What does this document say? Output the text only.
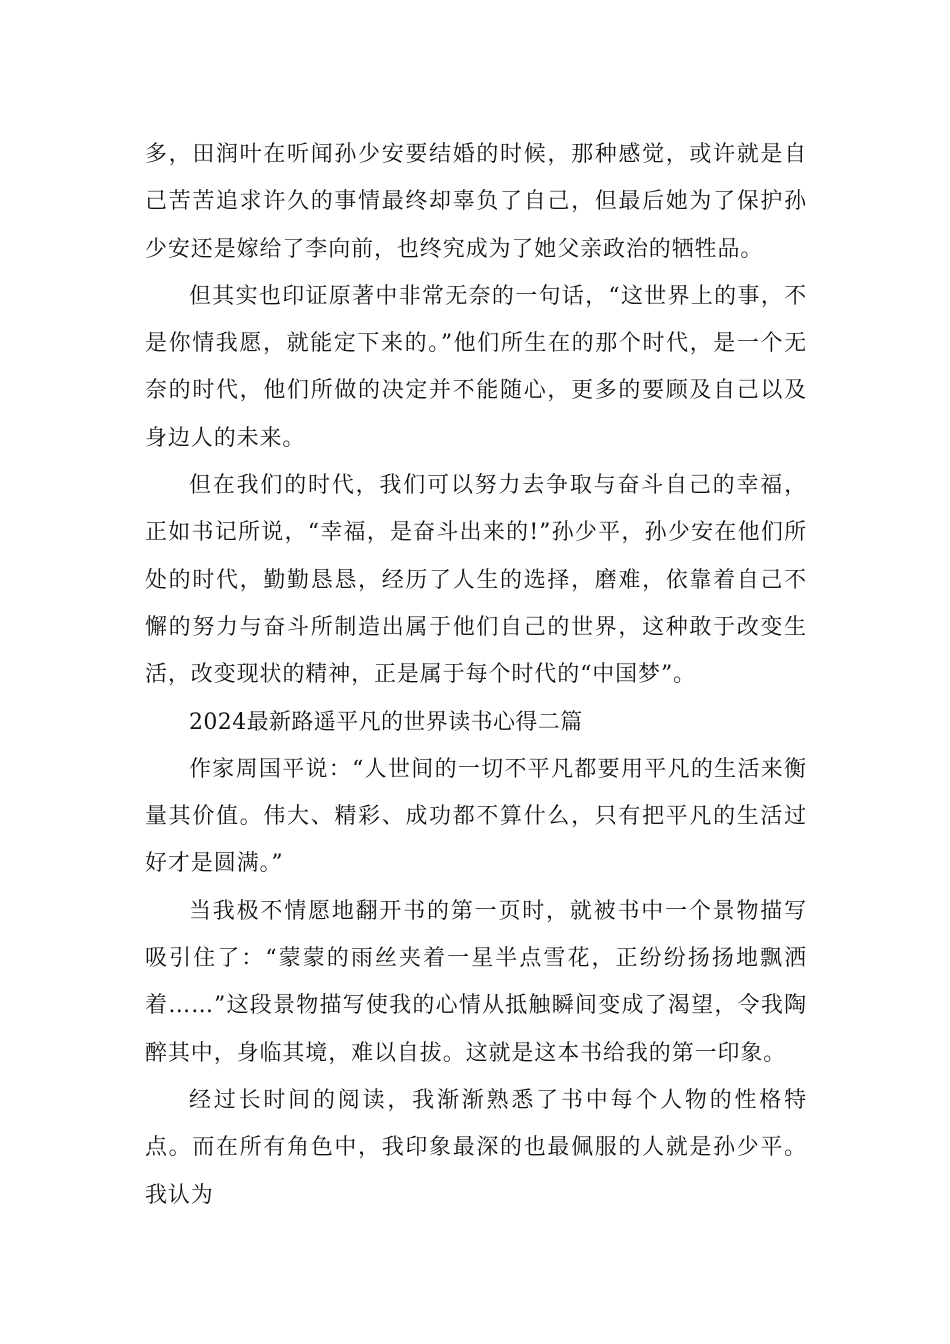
多，田润叶在听闻孙少安要结婚的时候，那种感觉，或许就是自己苦苦追求许久的事情最终却辜负了自己，但最后她为了保护孙少安还是嫁给了李向前，也终究成为了她父亲政治的牺牲品。

但其实也印证原著中非常无奈的一句话，“这世界上的事，不是你情我愿，就能定下来的。”他们所生在的那个时代，是一个无奈的时代，他们所做的决定并不能随心，更多的要顾及自己以及身边人的未来。

但在我们的时代，我们可以努力去争取与奋斗自己的幸福，正如书记所说，“幸福，是奋斗出来的!”孙少平，孙少安在他们所处的时代，勤勤恳恳，经历了人生的选择，磨难，依靠着自己不懈的努力与奋斗所制造出属于他们自己的世界，这种敢于改变生活，改变现状的精神，正是属于每个时代的“中国梦”。

2024最新路遥平凡的世界读书心得二篇

作家周国平说：“人世间的一切不平凡都要用平凡的生活来衡量其价值。伟大、精彩、成功都不算什么，只有把平凡的生活过好才是圆满。”

当我极不情愿地翻开书的第一页时，就被书中一个景物描写吸引住了：“蒙蒙的雨丝夹着一星半点雪花，正纷纷扬扬地飘洒着……”这段景物描写使我的心情从抵触瞬间变成了渴望，令我陶醉其中，身临其境，难以自拔。这就是这本书给我的第一印象。

经过长时间的阅读，我渐渐熟悉了书中每个人物的性格特点。而在所有角色中，我印象最深的也最佩服的人就是孙少平。我认为
